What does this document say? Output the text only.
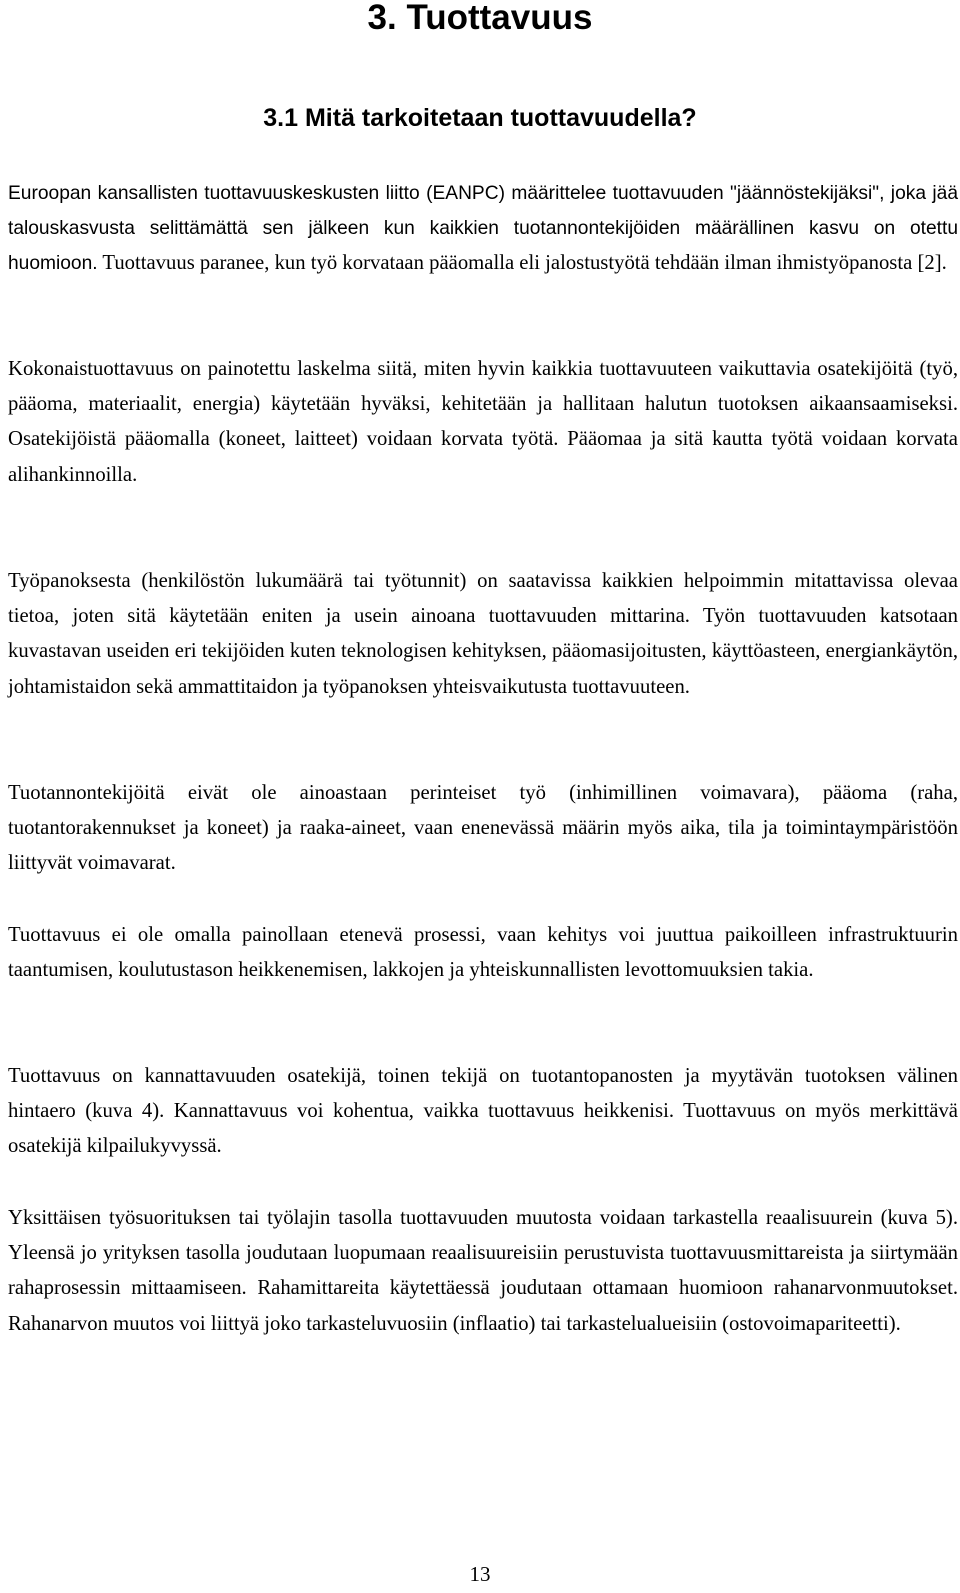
3. Tuottavuus
3.1 Mitä tarkoitetaan tuottavuudella?

Euroopan kansallisten tuottavuuskeskusten liitto (EANPC) määrittelee tuottavuuden "jäännöstekijäksi", joka jää talouskasvusta selittämättä sen jälkeen kun kaikkien tuotannontekijöiden määrällinen kasvu on otettu huomioon. Tuottavuus paranee, kun työ korvataan pääomalla eli jalostustyötä tehdään ilman ihmistyöpanosta [2].

Kokonaistuottavuus on painotettu laskelma siitä, miten hyvin kaikkia tuottavuuteen vaikuttavia osatekijöitä (työ, pääoma, materiaalit, energia) käytetään hyväksi, kehitetään ja hallitaan halutun tuotoksen aikaansaamiseksi. Osatekijöistä pääomalla (koneet, laitteet) voidaan korvata työtä. Pääomaa ja sitä kautta työtä voidaan korvata alihankinnoilla.

Työpanoksesta (henkilöstön lukumäärä tai työtunnit) on saatavissa kaikkien helpoimmin mitattavissa olevaa tietoa, joten sitä käytetään eniten ja usein ainoana tuottavuuden mittarina. Työn tuottavuuden katsotaan kuvastavan useiden eri tekijöiden kuten teknologisen kehityksen, pääomasijoitusten, käyttöasteen, energiankäytön, johtamistaidon sekä ammattitaidon ja työpanoksen yhteisvaikutusta tuottavuuteen.

Tuotannontekijöitä eivät ole ainoastaan perinteiset työ (inhimillinen voimavara), pääoma (raha, tuotantorakennukset ja koneet) ja raaka-aineet, vaan enenevässä määrin myös aika, tila ja toimintaympäristöön liittyvät voimavarat.

Tuottavuus ei ole omalla painollaan etenevä prosessi, vaan kehitys voi juuttua paikoilleen infrastruktuurin taantumisen, koulutustason heikkenemisen, lakkojen ja yhteiskunnallisten levottomuuksien takia.

Tuottavuus on kannattavuuden osatekijä, toinen tekijä on tuotantopanosten ja myytävän tuotoksen välinen hintaero (kuva 4). Kannattavuus voi kohentua, vaikka tuottavuus heikkenisi. Tuottavuus on myös merkittävä osatekijä kilpailukyvyssä.

Yksittäisen työsuorituksen tai työlajin tasolla tuottavuuden muutosta voidaan tarkastella reaalisuurein (kuva 5). Yleensä jo yrityksen tasolla joudutaan luopumaan reaalisuureisiin perustuvista tuottavuusmittareista ja siirtymään rahaprosessin mittaamiseen. Rahamittareita käytettäessä joudutaan ottamaan huomioon rahanarvonmuutokset. Rahanarvon muutos voi liittyä joko tarkasteluvuosiin (inflaatio) tai tarkastelualueisiin (ostovoimapariteetti).

13
